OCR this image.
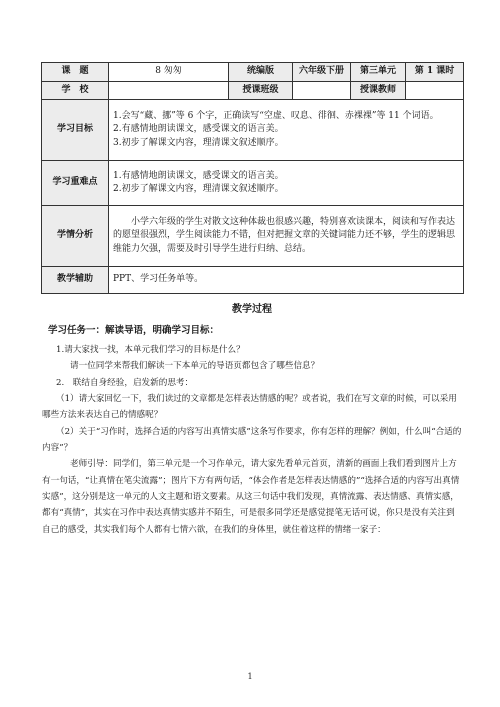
课　题	8 匆匆	统编版	六年级下册	第三单元	第 1 课时
学　校		授课班级		授课教师	
学习目标	1.会写“藏、挪”等 6 个字，正确读写“空虚、叹息、徘徊、赤裸裸”等 11 个词语。

2.有感情地朗读课文，感受课文的语言美。

3.初步了解课文内容，理清课文叙述顺序。				

学习重难点	1.有感情地朗读课文，感受课文的语言美。

2.初步了解课文内容，理清课文叙述顺序。				

学情分析	小学六年级的学生对散文这种体裁也很感兴趣，特别喜欢读课本，阅读和写作表达的愿望很强烈，学生阅读能力不错，但对把握文章的关键词能力还不够，学生的逻辑思维能力欠强，需要及时引导学生进行归纳、总结。				

教学辅助	PPT、学习任务单等。				

教学过程

学习任务一：解读导语，明确学习目标：

1.请大家找一找，本单元我们学习的目标是什么？

请一位同学来帮我们解读一下本单元的导语页都包含了哪些信息？

2.　联结自身经验，启发新的思考：

（1）请大家回忆一下，我们读过的文章都是怎样表达情感的呢？或者说，我们在写文章的时候，可以采用哪些方法来表达自己的情感呢？

（2）关于“习作时，选择合适的内容写出真情实感”这条写作要求，你有怎样的理解？例如，什么叫“合适的内容”？

老师引导：同学们，第三单元是一个习作单元，请大家先看单元首页，清新的画面上我们看到图片上方有一句话，“让真情在笔尖流露”；图片下方有两句话，“体会作者是怎样表达情感的”“选择合适的内容写出真情实感”，这分别是这一单元的人文主题和语文要素。从这三句话中我们发现，真情流露、表达情感、真情实感，都有“真情”，其实在习作中表达真情实感并不陌生，可是很多同学还是感觉提笔无话可说，你只是没有关注到自己的感受，其实我们每个人都有七情六欲，在我们的身体里，就住着这样的情绪一家子：

1
